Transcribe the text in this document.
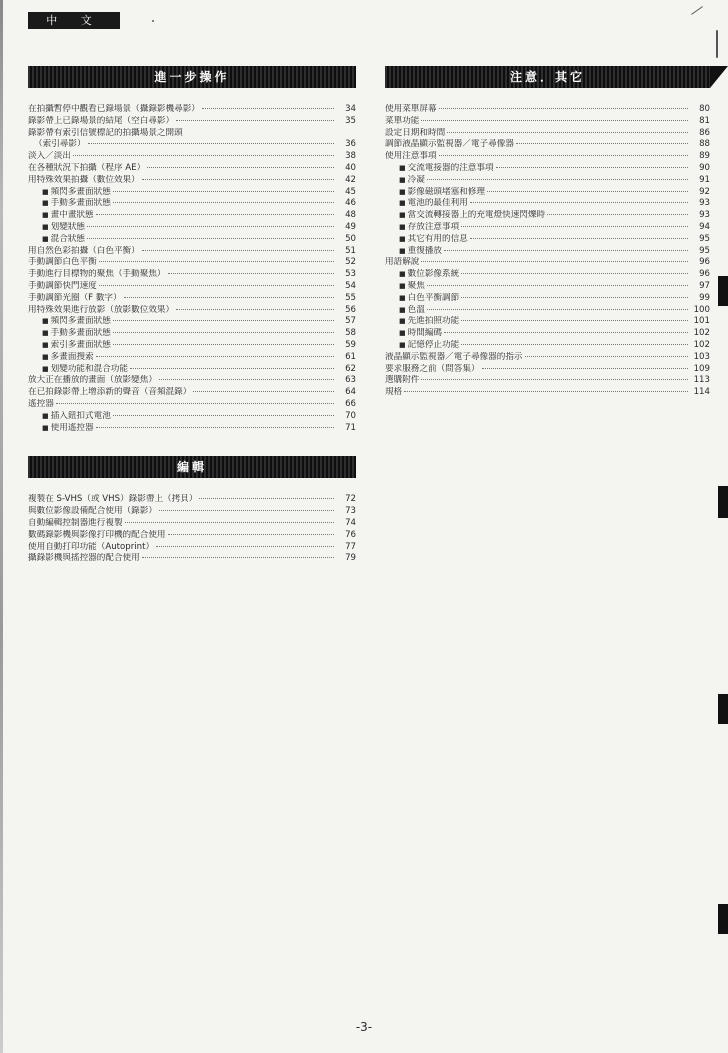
中 文
進一步操作
在拍攝暫停中觀看已錄場景（攝錄影機尋影）	34
錄影帶上已錄場景的結尾（空白尋影）	35
錄影帶有索引信號標記的拍攝場景之開頭
（索引尋影）	36
淡入／淡出	38
在各種狀況下拍攝（程序 AE）	40
用特殊效果拍攝（數位效果）	42
■ 頻閃多畫面狀態	45
■ 手動多畫面狀態	46
■ 畫中畫狀態	48
■ 划變狀態	49
■ 混合狀態	50
用自然色彩拍攝（白色平衡）	51
手動調節白色平衡	52
手動進行目標物的聚焦（手動聚焦）	53
手動調節快門速度	54
手動調節光圈（F 數字）	55
用特殊效果進行放影（放影數位效果）	56
■ 頻閃多畫面狀態	57
■ 手動多畫面狀態	58
■ 索引多畫面狀態	59
■ 多畫面搜索	61
■ 划變功能和混合功能	62
放大正在播放的畫面（放影變焦）	63
在已拍錄影帶上增添新的聲音（音頻混錄）	64
遙控器	66
■ 插入鈕扣式電池	70
■ 使用遙控器	71
編輯
複製在 S-VHS（或 VHS）錄影帶上（拷貝）	72
與數位影像設備配合使用（錄影）	73
自動編輯控制器進行複製	74
數碼錄影機與影像打印機的配合使用	76
使用自動打印功能（Autoprint）	77
攝錄影機與搖控器的配合使用	79
注意．其它
使用菜單屏幕	80
菜單功能	81
設定日期和時間	86
調節液晶顯示監視器／電子尋像器	88
使用注意事項	89
■ 交流電接器的注意事項	90
■ 冷凝	91
■ 影像磁頭堵塞和修理	92
■ 電池的最佳利用	93
■ 當交流轉接器上的充電燈快速閃爍時	93
■ 存放注意事項	94
■ 其它有用的信息	95
■ 重復播放	95
用語解說	96
■ 數位影像系統	96
■ 聚焦	97
■ 白色平衡調節	99
■ 色溫	100
■ 先進拍照功能	101
■ 時間編碼	102
■ 記憶停止功能	102
液晶顯示監視器／電子尋像器的指示	103
要求服務之前（問答集）	109
選購附件	113
規格	114
-3-
